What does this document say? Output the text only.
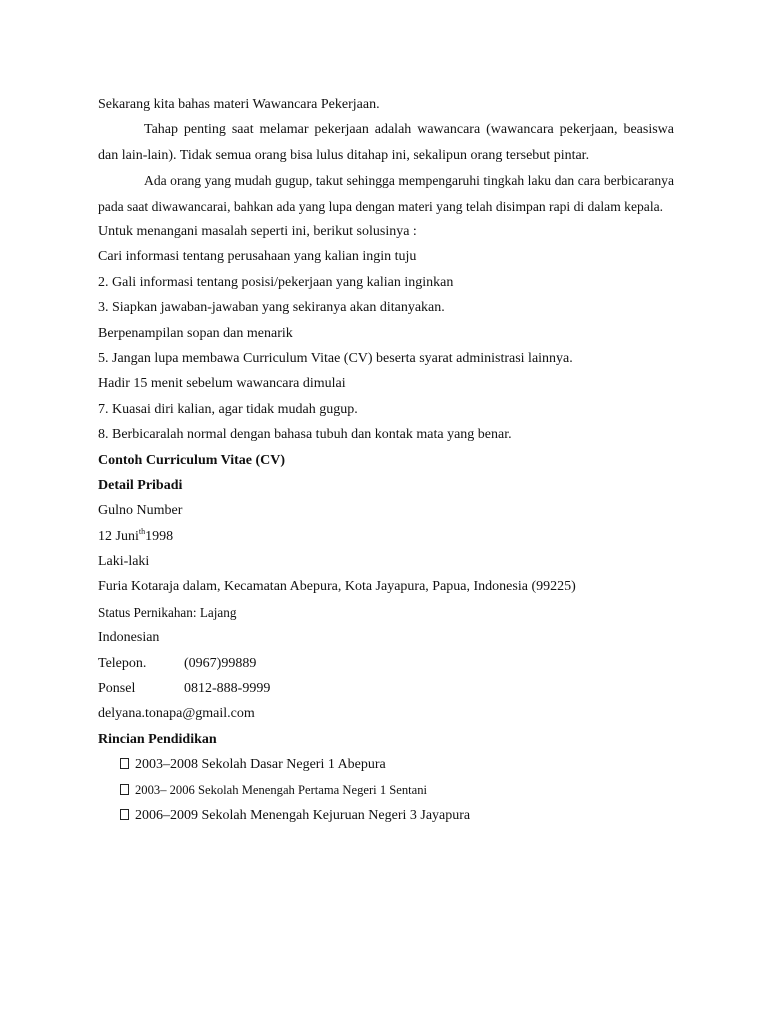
Sekarang kita bahas materi Wawancara Pekerjaan.
Tahap penting saat melamar pekerjaan adalah wawancara (wawancara pekerjaan, beasiswa dan lain-lain). Tidak semua orang bisa lulus ditahap ini, sekalipun orang tersebut pintar.
Ada orang yang mudah gugup, takut sehingga mempengaruhi tingkah laku dan cara berbicaranya pada saat diwawancarai, bahkan ada yang lupa dengan materi yang telah disimpan rapi di dalam kepala.
Untuk menangani masalah seperti ini, berikut solusinya :
Cari informasi tentang perusahaan yang kalian ingin tuju
2. Gali informasi tentang posisi/pekerjaan yang kalian inginkan
3. Siapkan jawaban-jawaban yang sekiranya akan ditanyakan.
Berpenampilan sopan dan menarik
5. Jangan lupa membawa Curriculum Vitae (CV) beserta syarat administrasi lainnya.
Hadir 15 menit sebelum wawancara dimulai
7. Kuasai diri kalian, agar tidak mudah gugup.
8. Berbicaralah normal dengan bahasa tubuh dan kontak mata yang benar.
Contoh Curriculum Vitae (CV)
Detail Pribadi
Gulno Number
12 Juni$^{th}$1998
Laki-laki
Furia Kotaraja dalam, Kecamatan Abepura, Kota Jayapura, Papua, Indonesia (99225)
Status Pernikahan: Lajang
Indonesian
Telepon.	(0967)99889
Ponsel	0812-888-9999
delyana.tonapa@gmail.com
Rincian Pendidikan
2003–2008 Sekolah Dasar Negeri 1 Abepura
2003– 2006 Sekolah Menengah Pertama Negeri 1 Sentani
2006–2009 Sekolah Menengah Kejuruan Negeri 3 Jayapura
